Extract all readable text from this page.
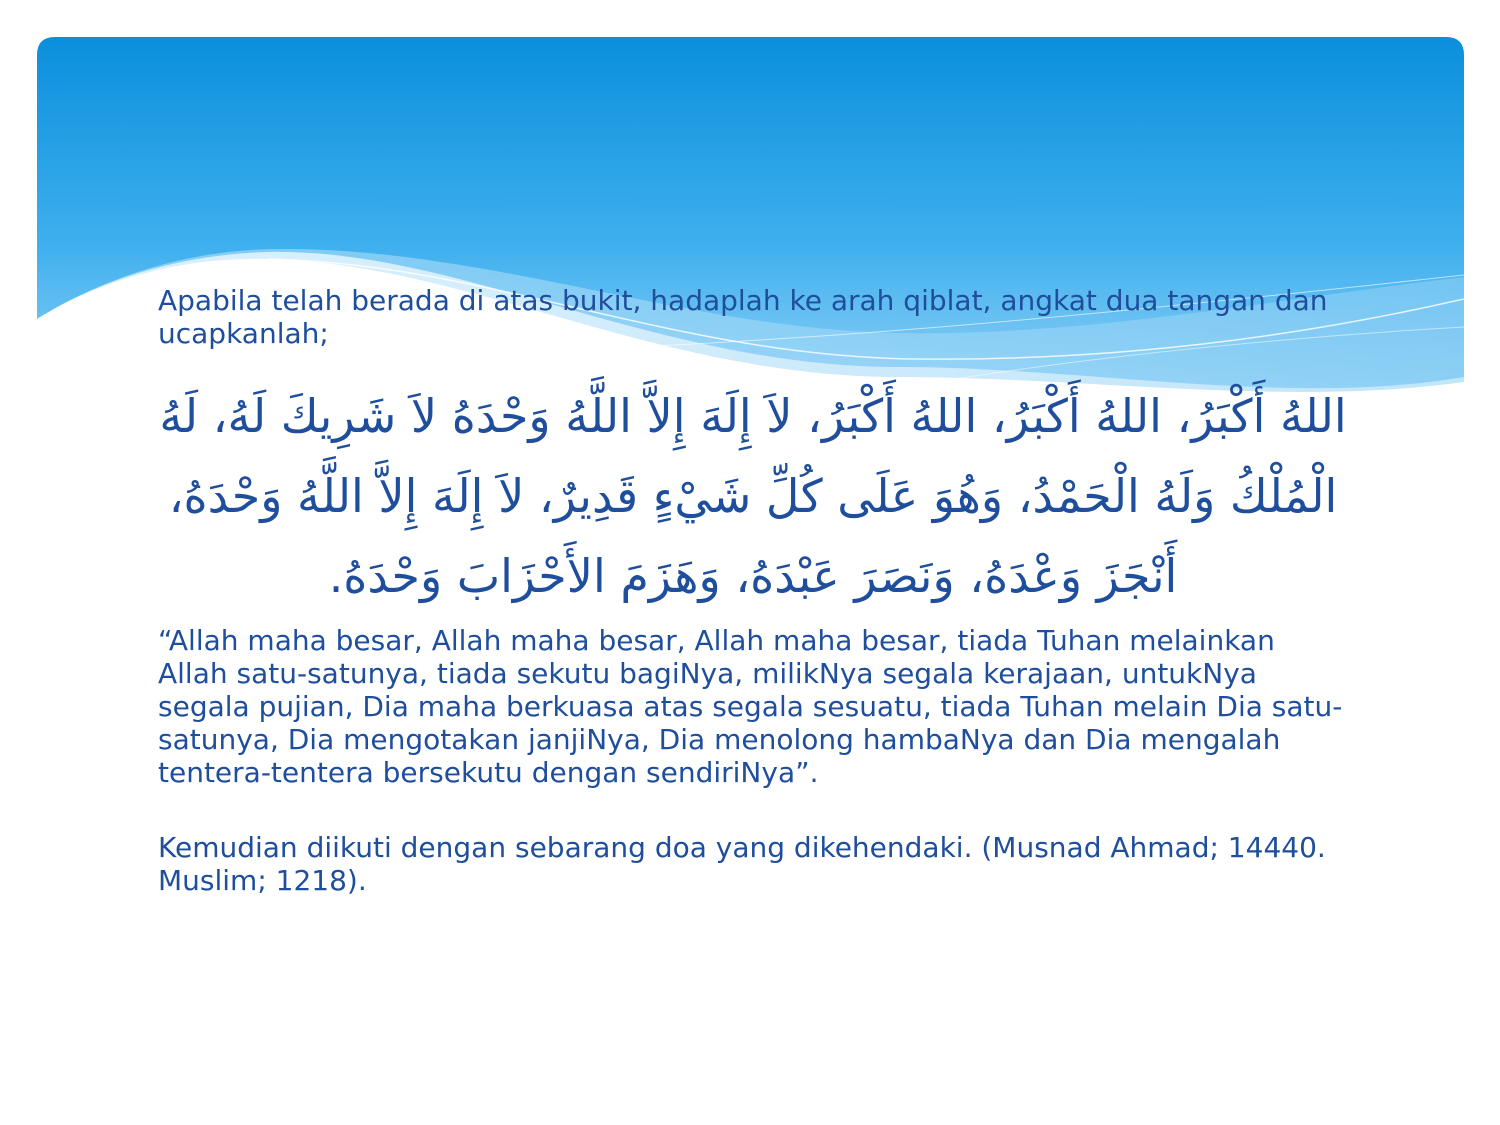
Apabila telah berada di atas bukit, hadaplah ke arah qiblat, angkat dua tangan dan ucapkanlah;

اللهُ أَكْبَرُ، اللهُ أَكْبَرُ، اللهُ أَكْبَرُ، لاَ إِلَهَ إِلاَّ اللَّهُ وَحْدَهُ لاَ شَرِيكَ لَهُ، لَهُ الْمُلْكُ وَلَهُ الْحَمْدُ، وَهُوَ عَلَى كُلِّ شَيْءٍ قَدِيرٌ، لاَ إِلَهَ إِلاَّ اللَّهُ وَحْدَهُ، أَنْجَزَ وَعْدَهُ، وَنَصَرَ عَبْدَهُ، وَهَزَمَ الأَحْزَابَ وَحْدَهُ.

“Allah maha besar, Allah maha besar, Allah maha besar, tiada Tuhan melainkan Allah satu-satunya, tiada sekutu bagiNya, milikNya segala kerajaan, untukNya segala pujian, Dia maha berkuasa atas segala sesuatu, tiada Tuhan melain Dia satu-satunya, Dia mengotakan janjiNya, Dia menolong hambaNya dan Dia mengalah tentera-tentera bersekutu dengan sendiriNya”.

Kemudian diikuti dengan sebarang doa yang dikehendaki. (Musnad Ahmad; 14440. Muslim; 1218).
